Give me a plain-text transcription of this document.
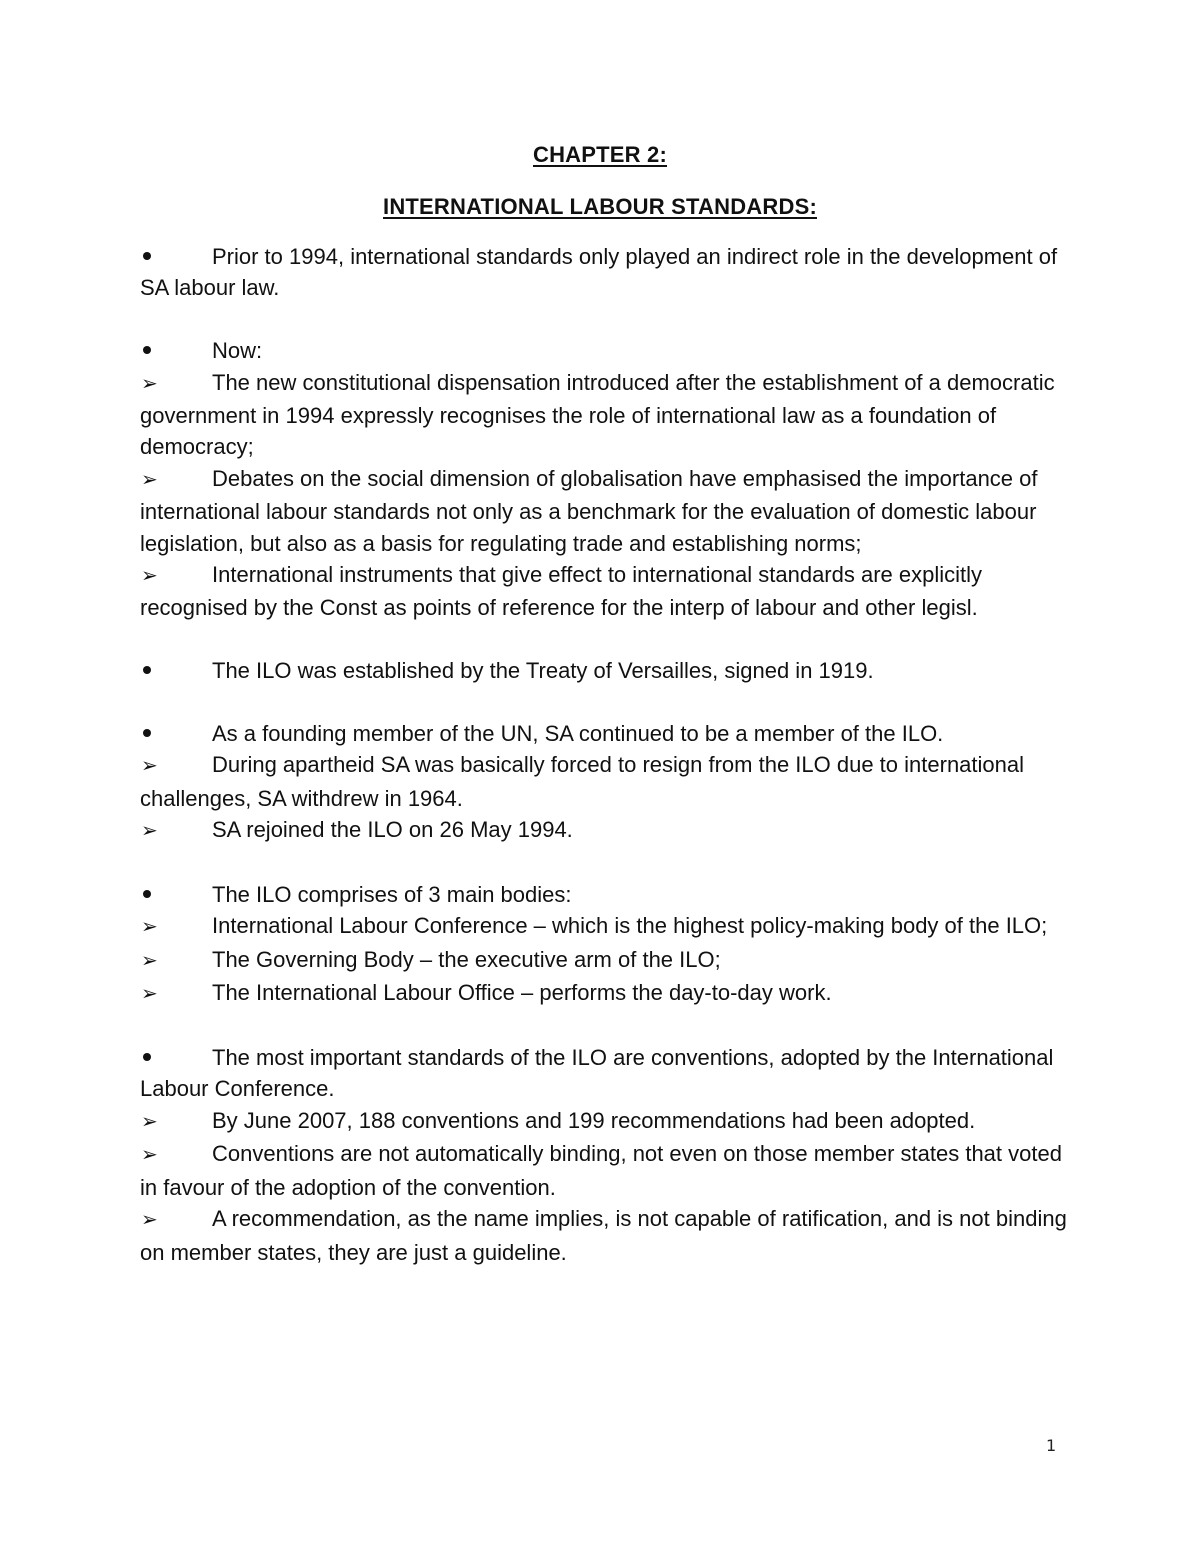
CHAPTER 2:
INTERNATIONAL LABOUR STANDARDS:

Prior to 1994, international standards only played an indirect role in the development of SA labour law.

Now:

➢ The new constitutional dispensation introduced after the establishment of a democratic government in 1994 expressly recognises the role of international law as a foundation of democracy;

➢ Debates on the social dimension of globalisation have emphasised the importance of international labour standards not only as a benchmark for the evaluation of domestic labour legislation, but also as a basis for regulating trade and establishing norms;

➢ International instruments that give effect to international standards are explicitly recognised by the Const as points of reference for the interp of labour and other legisl.

The ILO was established by the Treaty of Versailles, signed in 1919.

As a founding member of the UN, SA continued to be a member of the ILO.

➢ During apartheid SA was basically forced to resign from the ILO due to international challenges, SA withdrew in 1964.

➢ SA rejoined the ILO on 26 May 1994.

The ILO comprises of 3 main bodies:

➢ International Labour Conference – which is the highest policy-making body of the ILO;

➢ The Governing Body – the executive arm of the ILO;

➢ The International Labour Office – performs the day-to-day work.

The most important standards of the ILO are conventions, adopted by the International Labour Conference.

➢ By June 2007, 188 conventions and 199 recommendations had been adopted.

➢ Conventions are not automatically binding, not even on those member states that voted in favour of the adoption of the convention.

➢ A recommendation, as the name implies, is not capable of ratification, and is not binding on member states, they are just a guideline.

1
